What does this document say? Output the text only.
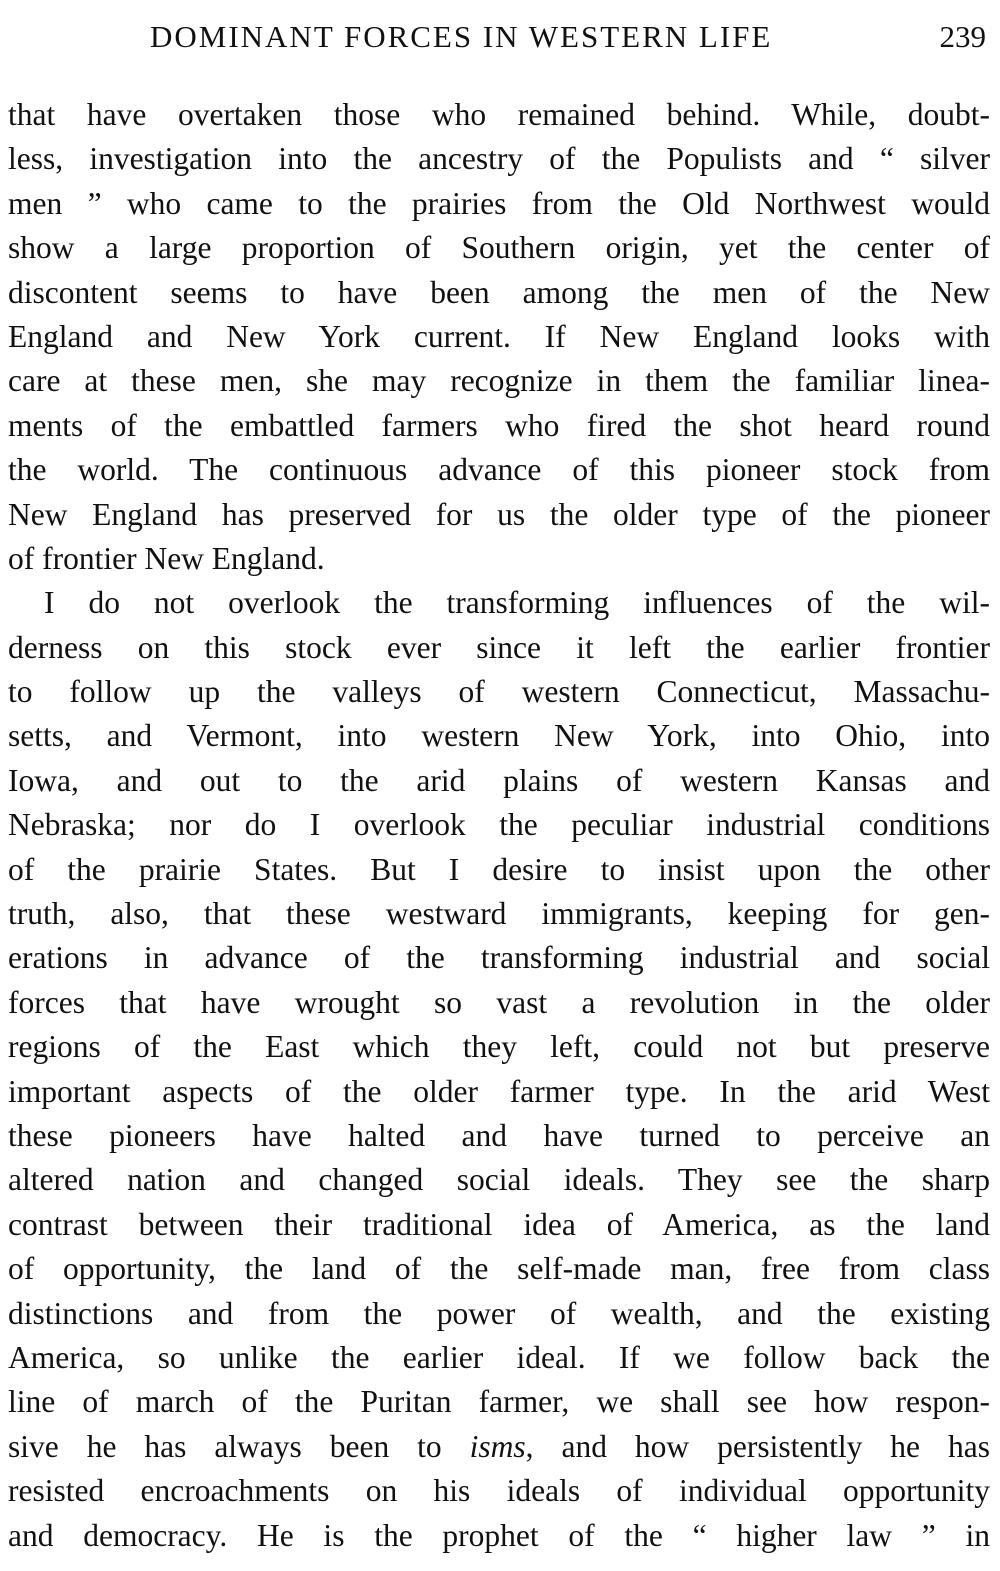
DOMINANT FORCES IN WESTERN LIFE	239
that have overtaken those who remained behind. While, doubt-
less, investigation into the ancestry of the Populists and “ silver
men ” who came to the prairies from the Old Northwest would
show a large proportion of Southern origin, yet the center of
discontent seems to have been among the men of the New
England and New York current. If New England looks with
care at these men, she may recognize in them the familiar linea-
ments of the embattled farmers who fired the shot heard round
the world. The continuous advance of this pioneer stock from
New England has preserved for us the older type of the pioneer
of frontier New England.
I do not overlook the transforming influences of the wil-
derness on this stock ever since it left the earlier frontier
to follow up the valleys of western Connecticut, Massachu-
setts, and Vermont, into western New York, into Ohio, into
Iowa, and out to the arid plains of western Kansas and
Nebraska; nor do I overlook the peculiar industrial conditions
of the prairie States. But I desire to insist upon the other
truth, also, that these westward immigrants, keeping for gen-
erations in advance of the transforming industrial and social
forces that have wrought so vast a revolution in the older
regions of the East which they left, could not but preserve
important aspects of the older farmer type. In the arid West
these pioneers have halted and have turned to perceive an
altered nation and changed social ideals. They see the sharp
contrast between their traditional idea of America, as the land
of opportunity, the land of the self-made man, free from class
distinctions and from the power of wealth, and the existing
America, so unlike the earlier ideal. If we follow back the
line of march of the Puritan farmer, we shall see how respon-
sive he has always been to isms, and how persistently he has
resisted encroachments on his ideals of individual opportunity
and democracy. He is the prophet of the “ higher law ” in
